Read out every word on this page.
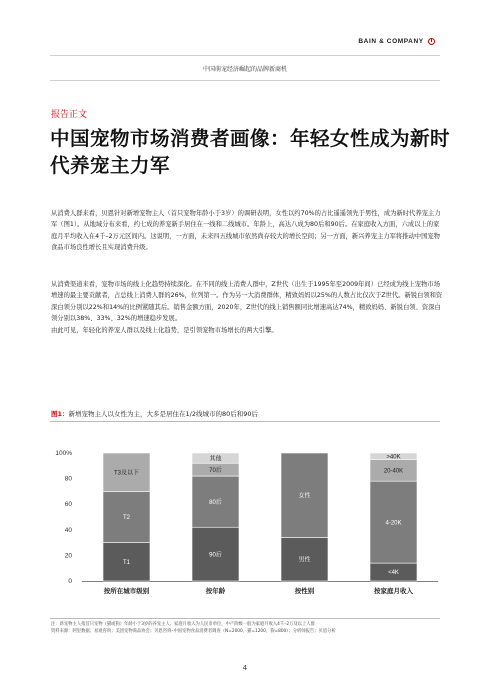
BAIN & COMPANY
中国萌宠经济崛起的品牌新商机
报告正文
中国宠物市场消费者画像：年轻女性成为新时代养宠主力军
从消费人群来看，贝恩针对新增宠物主人（首只宠物年龄小于3岁）的调研表明，女性以约70%的占比遥遥领先于男性，成为新时代养宠主力军（图1）。从地域分布来看，约七成的养宠新手居住在一线和二线城市。年龄上，高达八成为80后和90后。在家庭收入方面，六成以上的家庭月平均收入在4千–2万元区间内。这说明，一方面，未来四五线城市依然尚存较大的增长空间；另一方面，新兴养宠主力军将推动中国宠物食品市场良性增长且实现消费升级。
从消费渠道来看，宠物市场的线上化趋势持续深化。在不同的线上消费人群中，Z世代（出生于1995年至2009年间）已经成为线上宠物市场增速的最主要贡献者，占总线上消费人群的26%，位列第一。作为另一大消费群体，精致妈妈以25%的人数占比仅次于Z世代。新锐白领和资深白领分别以22%和14%的比例紧随其后。销售金额方面，2020年，Z世代的线上销售额同比增速高达74%，精致妈妈、新锐白领、资深白领分别以38%、33%、32%的增速稳步发展。
由此可见，年轻化的养宠人群以及线上化趋势，是引领宠物市场增长的两大引擎。
图1：新增宠物主人以女性为主，大多是居住在1/2线城市的80后和90后
0
20
40
60
80
100%
T1
T2
T3及以下
按所在城市级别
90后
80后
70后
其他
按年龄
男性
女性
按性别
<4K
4-20K
20-40K
>40K
按家庭月收入
注：新宠物主人指首只宠物（猫或狗）年龄小于3岁的养宠主人；家庭月收入为人民币单位，中产阶级一般为家庭月收入4千–2万及以上人群
资料来源：阿里数据；易观咨询；美团宠物商品协会；贝恩咨询–中国宠物食品消费者调查（N=2000，猫=1200，狗=800）；分析师报告；贝恩分析
4
